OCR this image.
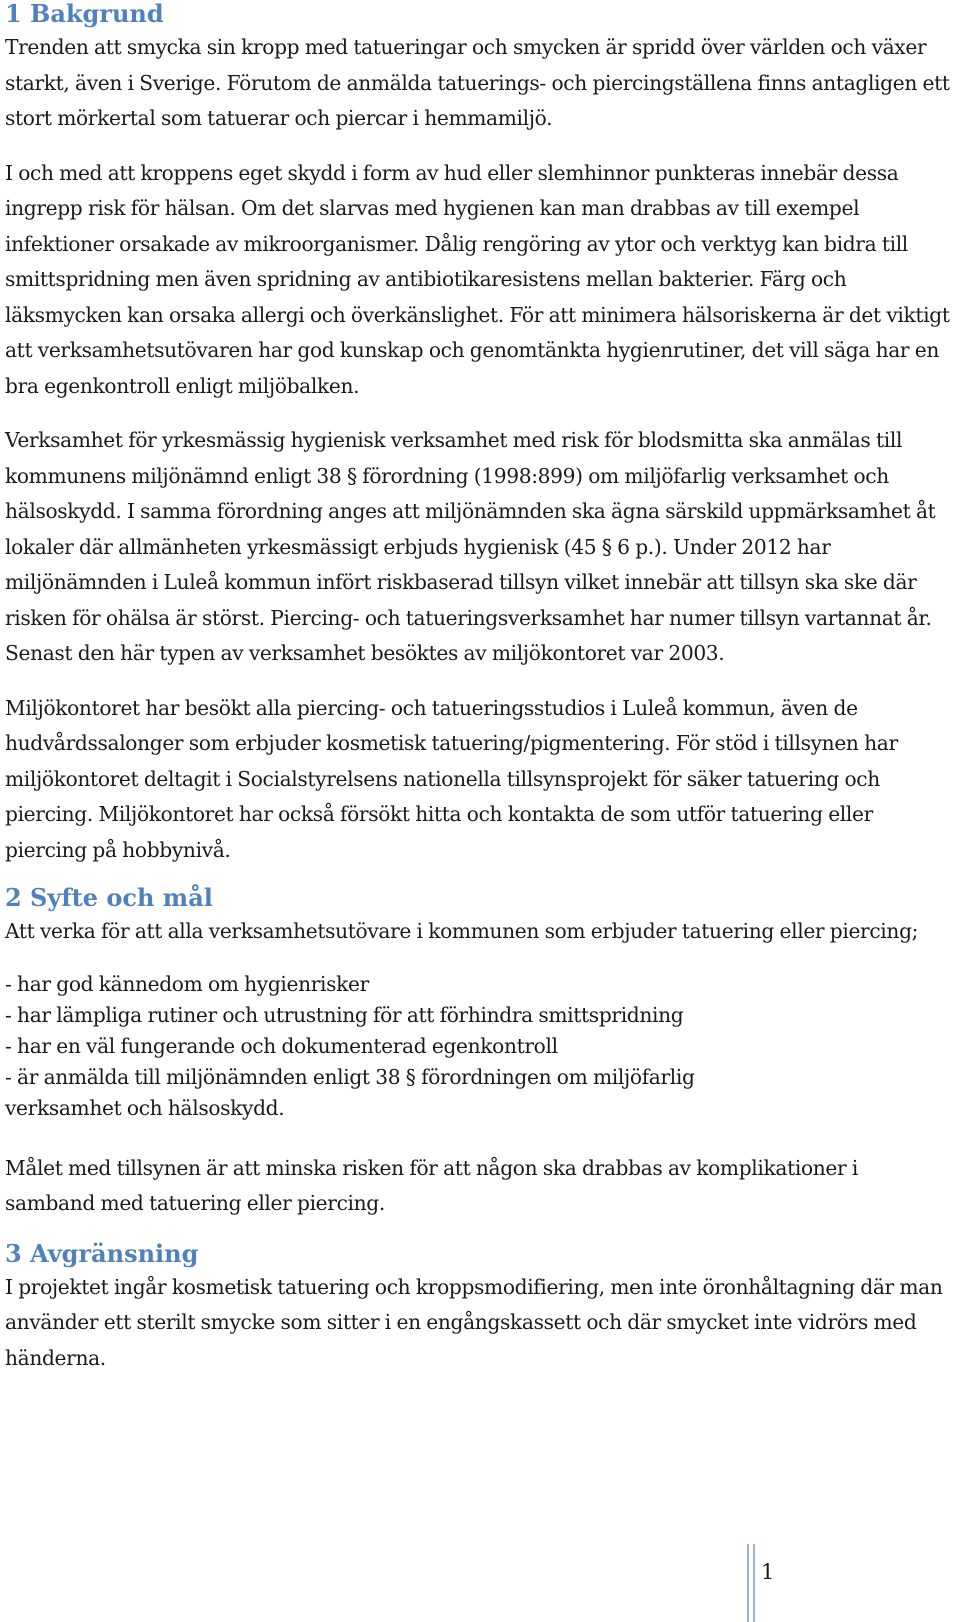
1 Bakgrund

Trenden att smycka sin kropp med tatueringar och smycken är spridd över världen och växer starkt, även i Sverige. Förutom de anmälda tatuerings- och piercingställena finns antagligen ett stort mörkertal som tatuerar och piercar i hemmamiljö.

I och med att kroppens eget skydd i form av hud eller slemhinnor punkteras innebär dessa ingrepp risk för hälsan. Om det slarvas med hygienen kan man drabbas av till exempel infektioner orsakade av mikroorganismer. Dålig rengöring av ytor och verktyg kan bidra till smittspridning men även spridning av antibiotikaresistens mellan bakterier. Färg och läksmycken kan orsaka allergi och överkänslighet. För att minimera hälsoriskerna är det viktigt att verksamhetsutövaren har god kunskap och genomtänkta hygienrutiner, det vill säga har en bra egenkontroll enligt miljöbalken.

Verksamhet för yrkesmässig hygienisk verksamhet med risk för blodsmitta ska anmälas till kommunens miljönämnd enligt 38 § förordning (1998:899) om miljöfarlig verksamhet och hälsoskydd. I samma förordning anges att miljönämnden ska ägna särskild uppmärksamhet åt lokaler där allmänheten yrkesmässigt erbjuds hygienisk (45 § 6 p.). Under 2012 har miljönämnden i Luleå kommun infört riskbaserad tillsyn vilket innebär att tillsyn ska ske där risken för ohälsa är störst. Piercing- och tatueringsverksamhet har numer tillsyn vartannat år. Senast den här typen av verksamhet besöktes av miljökontoret var 2003.

Miljökontoret har besökt alla piercing- och tatueringsstudios i Luleå kommun, även de hudvårdssalonger som erbjuder kosmetisk tatuering/pigmentering. För stöd i tillsynen har miljökontoret deltagit i Socialstyrelsens nationella tillsynsprojekt för säker tatuering och piercing. Miljökontoret har också försökt hitta och kontakta de som utför tatuering eller piercing på hobbynivå.

2 Syfte och mål

Att verka för att alla verksamhetsutövare i kommunen som erbjuder tatuering eller piercing;

- har god kännedom om hygienrisker
- har lämpliga rutiner och utrustning för att förhindra smittspridning
- har en väl fungerande och dokumenterad egenkontroll
- är anmälda till miljönämnden enligt 38 § förordningen om miljöfarlig
verksamhet och hälsoskydd.

Målet med tillsynen är att minska risken för att någon ska drabbas av komplikationer i samband med tatuering eller piercing.

3 Avgränsning

I projektet ingår kosmetisk tatuering och kroppsmodifiering, men inte öronhåltagning där man använder ett sterilt smycke som sitter i en engångskassett och där smycket inte vidrörs med händerna.

1
